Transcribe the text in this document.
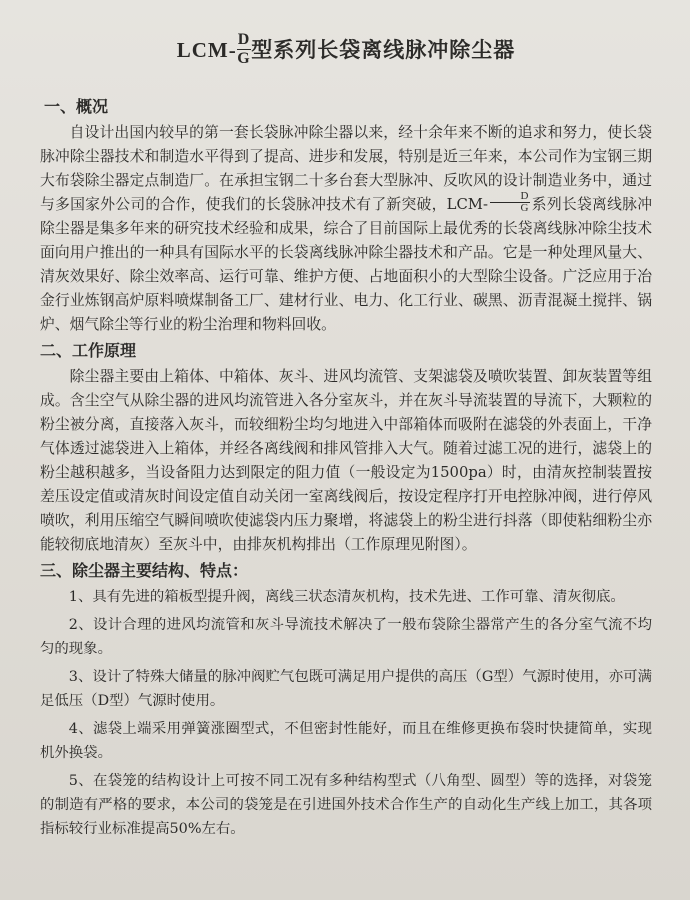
$LCM- \frac{D}{G}$ 型系列长袋离线脉冲除尘器
一、概况

自设计出国内较早的第一套长袋脉冲除尘器以来，经十余年来不断的追求和努力，使长袋脉冲除尘器技术和制造水平得到了提高、进步和发展，特别是近三年来，本公司作为宝钢三期大布袋除尘器定点制造厂。在承担宝钢二十多台套大型脉冲、反吹风的设计制造业务中，通过与多国家外公司的合作，使我们的长袋脉冲技术有了新突破，$LCM- \frac{D}{G}$ 系列长袋离线脉冲除尘器是集多年来的研究技术经验和成果，综合了目前国际上最优秀的长袋离线脉冲除尘技术面向用户推出的一种具有国际水平的长袋离线脉冲除尘器技术和产品。它是一种处理风量大、清灰效果好、除尘效率高、运行可靠、维护方便、占地面积小的大型除尘设备。广泛应用于冶金行业炼钢高炉原料喷煤制备工厂、建材行业、电力、化工行业、碳黑、沥青混凝土搅拌、锅炉、烟气除尘等行业的粉尘治理和物料回收。

二、工作原理

除尘器主要由上箱体、中箱体、灰斗、进风均流管、支架滤袋及喷吹装置、卸灰装置等组成。含尘空气从除尘器的进风均流管进入各分室灰斗，并在灰斗导流装置的导流下，大颗粒的粉尘被分离，直接落入灰斗，而较细粉尘均匀地进入中部箱体而吸附在滤袋的外表面上，干净气体透过滤袋进入上箱体，并经各离线阀和排风管排入大气。随着过滤工况的进行，滤袋上的粉尘越积越多，当设备阻力达到限定的阻力值（一般设定为1500pa）时，由清灰控制装置按差压设定值或清灰时间设定值自动关闭一室离线阀后，按设定程序打开电控脉冲阀，进行停风喷吹，利用压缩空气瞬间喷吹使滤袋内压力聚增，将滤袋上的粉尘进行抖落（即使粘细粉尘亦能较彻底地清灰）至灰斗中，由排灰机构排出（工作原理见附图）。

三、除尘器主要结构、特点：

1、具有先进的箱板型提升阀，离线三状态清灰机构，技术先进、工作可靠、清灰彻底。

2、设计合理的进风均流管和灰斗导流技术解决了一般布袋除尘器常产生的各分室气流不均匀的现象。

3、设计了特殊大储量的脉冲阀贮气包既可满足用户提供的高压（G型）气源时使用，亦可满足低压（D型）气源时使用。

4、滤袋上端采用弹簧涨圈型式，不但密封性能好，而且在维修更换布袋时快捷简单，实现机外换袋。

5、在袋笼的结构设计上可按不同工况有多种结构型式（八角型、圆型）等的选择，对袋笼的制造有严格的要求，本公司的袋笼是在引进国外技术合作生产的自动化生产线上加工，其各项指标较行业标准提高50%左右。
